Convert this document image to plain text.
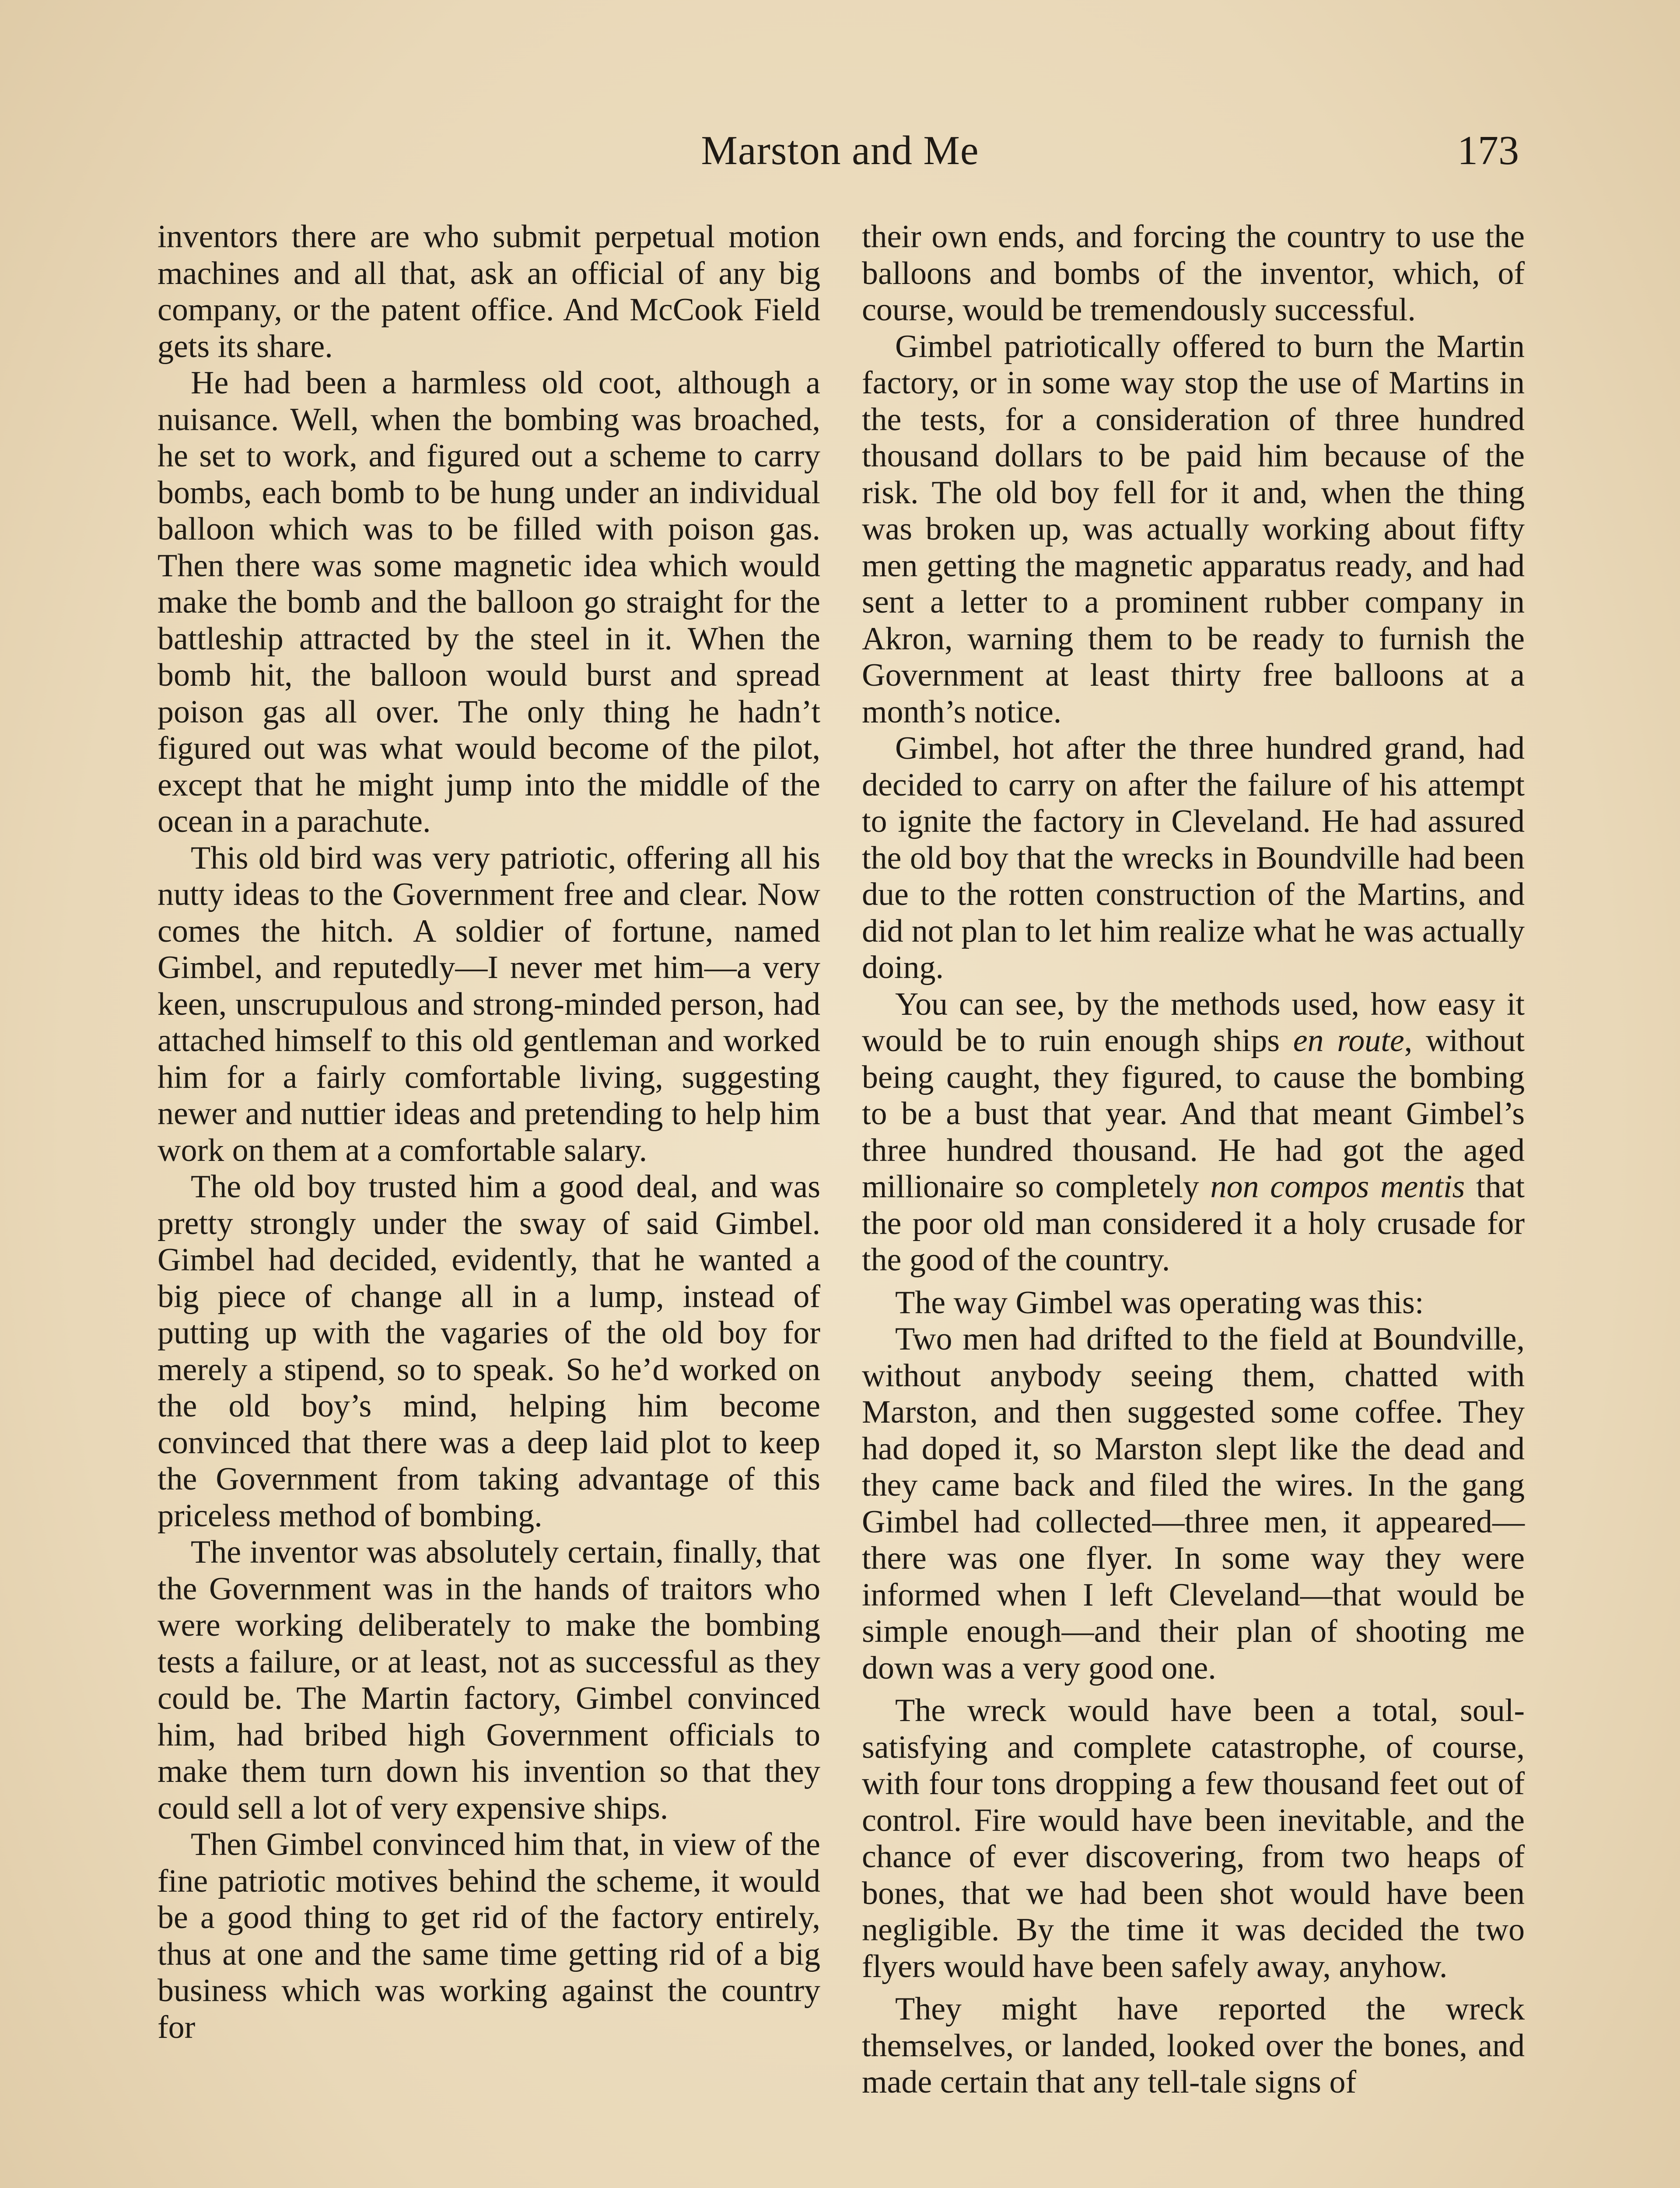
Marston and Me	173

inventors there are who submit perpetual motion machines and all that, ask an official of any big company, or the patent office. And McCook Field gets its share.

He had been a harmless old coot, although a nuisance. Well, when the bombing was broached, he set to work, and figured out a scheme to carry bombs, each bomb to be hung under an individual balloon which was to be filled with poison gas. Then there was some magnetic idea which would make the bomb and the balloon go straight for the battleship attracted by the steel in it. When the bomb hit, the balloon would burst and spread poison gas all over. The only thing he hadn’t figured out was what would become of the pilot, except that he might jump into the middle of the ocean in a parachute.

This old bird was very patriotic, offering all his nutty ideas to the Government free and clear. Now comes the hitch. A soldier of fortune, named Gimbel, and reputedly—I never met him—a very keen, unscrupulous and strong-minded person, had attached himself to this old gentleman and worked him for a fairly comfortable living, suggesting newer and nuttier ideas and pretending to help him work on them at a comfortable salary.

The old boy trusted him a good deal, and was pretty strongly under the sway of said Gimbel. Gimbel had decided, evidently, that he wanted a big piece of change all in a lump, instead of putting up with the vagaries of the old boy for merely a stipend, so to speak. So he’d worked on the old boy’s mind, helping him become convinced that there was a deep laid plot to keep the Government from taking advantage of this priceless method of bombing.

The inventor was absolutely certain, finally, that the Government was in the hands of traitors who were working deliberately to make the bombing tests a failure, or at least, not as successful as they could be. The Martin factory, Gimbel convinced him, had bribed high Government officials to make them turn down his invention so that they could sell a lot of very expensive ships.

Then Gimbel convinced him that, in view of the fine patriotic motives behind the scheme, it would be a good thing to get rid of the factory entirely, thus at one and the same time getting rid of a big business which was working against the country for

their own ends, and forcing the country to use the balloons and bombs of the inventor, which, of course, would be tremendously successful.

Gimbel patriotically offered to burn the Martin factory, or in some way stop the use of Martins in the tests, for a consideration of three hundred thousand dollars to be paid him because of the risk. The old boy fell for it and, when the thing was broken up, was actually working about fifty men getting the magnetic apparatus ready, and had sent a letter to a prominent rubber company in Akron, warning them to be ready to furnish the Government at least thirty free balloons at a month’s notice.

Gimbel, hot after the three hundred grand, had decided to carry on after the failure of his attempt to ignite the factory in Cleveland. He had assured the old boy that the wrecks in Boundville had been due to the rotten construction of the Martins, and did not plan to let him realize what he was actually doing.

You can see, by the methods used, how easy it would be to ruin enough ships en route, without being caught, they figured, to cause the bombing to be a bust that year. And that meant Gimbel’s three hundred thousand. He had got the aged millionaire so completely non compos mentis that the poor old man considered it a holy crusade for the good of the country.

The way Gimbel was operating was this:

Two men had drifted to the field at Boundville, without anybody seeing them, chatted with Marston, and then suggested some coffee. They had doped it, so Marston slept like the dead and they came back and filed the wires. In the gang Gimbel had collected—three men, it appeared—there was one flyer. In some way they were informed when I left Cleveland—that would be simple enough—and their plan of shooting me down was a very good one.

The wreck would have been a total, soul-satisfying and complete catastrophe, of course, with four tons dropping a few thousand feet out of control. Fire would have been inevitable, and the chance of ever discovering, from two heaps of bones, that we had been shot would have been negligible. By the time it was decided the two flyers would have been safely away, anyhow.

They might have reported the wreck themselves, or landed, looked over the bones, and made certain that any tell-tale signs of
